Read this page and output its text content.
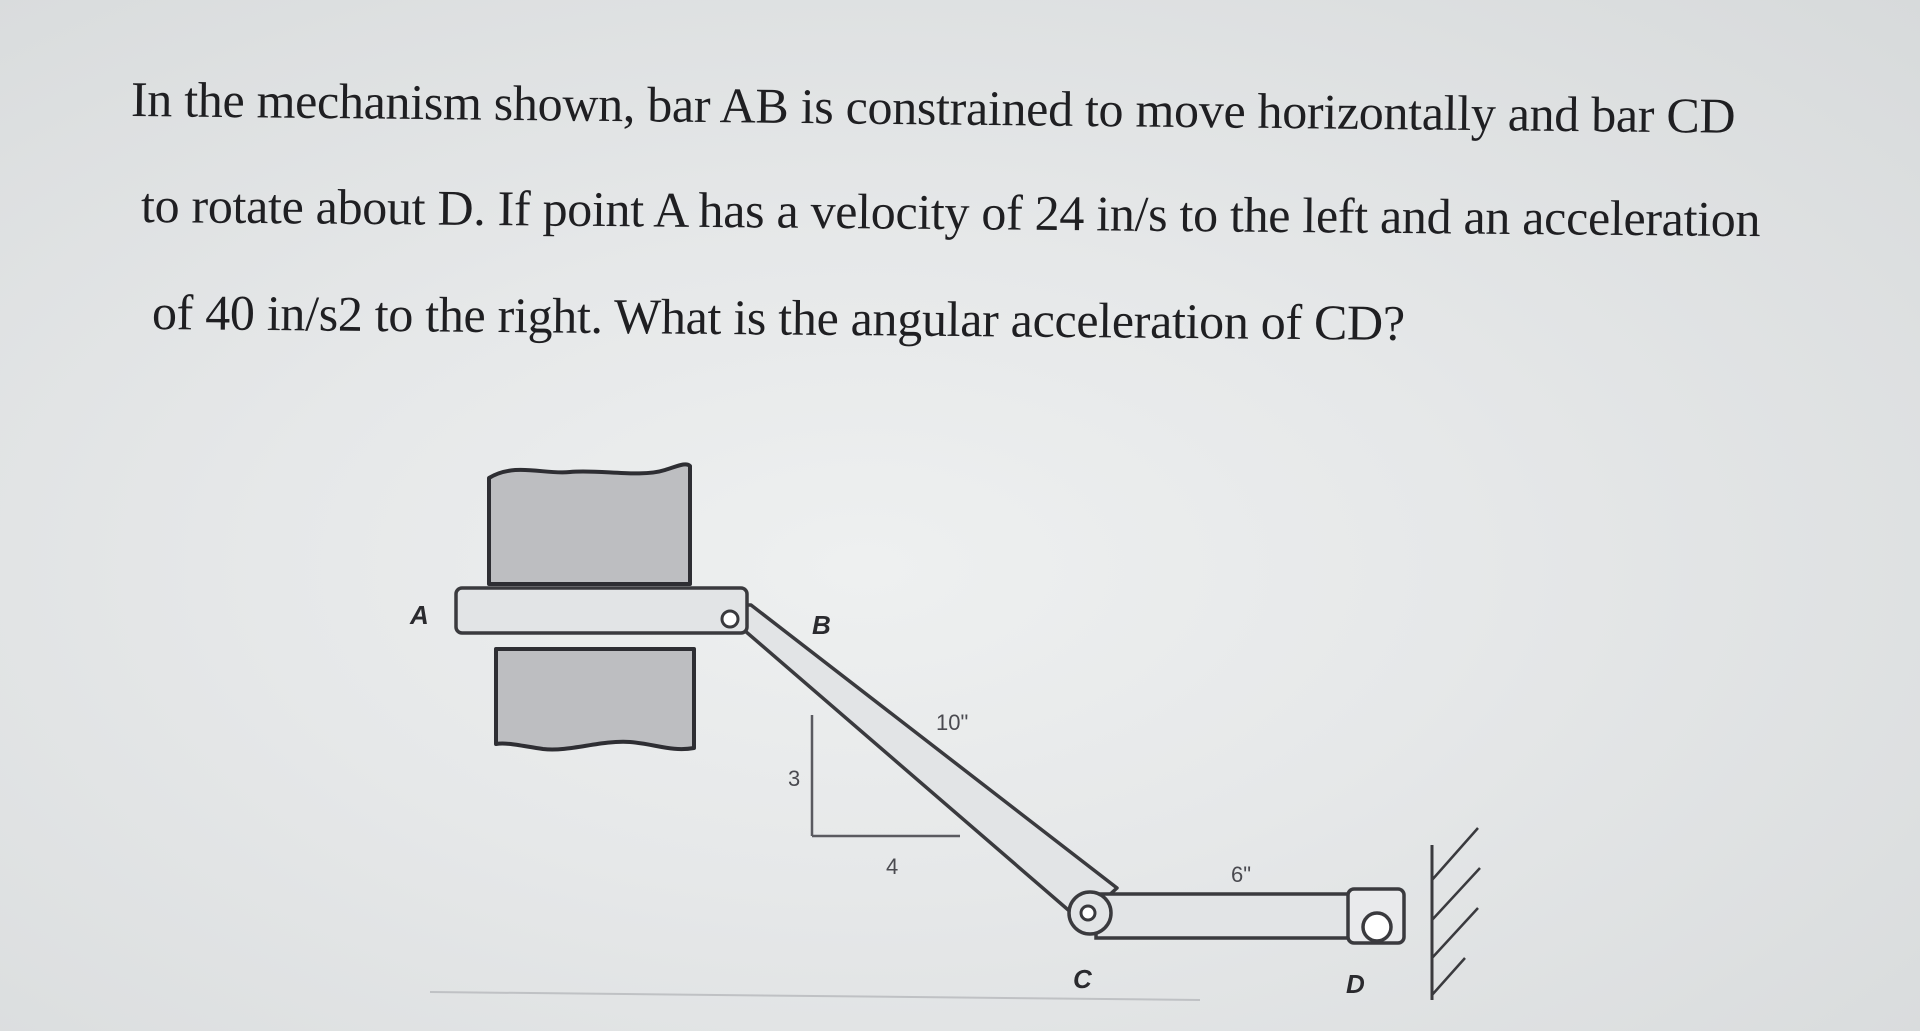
In the mechanism shown, bar AB is constrained to move horizontally and bar CD
to rotate about D. If point A has a velocity of 24 in/s to the left and an acceleration
of 40 in/s2 to the right. What is the angular acceleration of CD?
A	B
C	D
10"
6"
3
4
